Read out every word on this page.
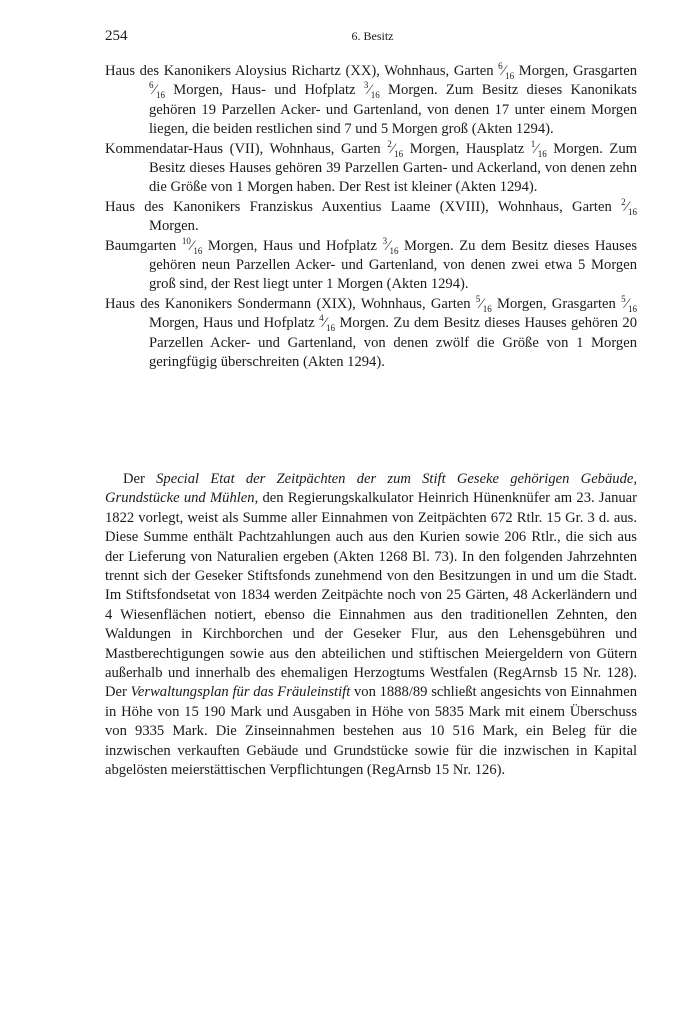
254	6. Besitz
Haus des Kanonikers Aloysius Richartz (XX), Wohnhaus, Garten $^6⁄_{16}$ Morgen, Grasgarten $^6⁄_{16}$ Morgen, Haus- und Hofplatz $^3⁄_{16}$ Morgen. Zum Besitz dieses Kanonikats gehören 19 Parzellen Acker- und Gartenland, von denen 17 unter einem Morgen liegen, die beiden restlichen sind 7 und 5 Morgen groß (Akten 1294).
Kommendatar-Haus (VII), Wohnhaus, Garten $^2⁄_{16}$ Morgen, Hausplatz $^1⁄_{16}$ Morgen. Zum Besitz dieses Hauses gehören 39 Parzellen Garten- und Ackerland, von denen zehn die Größe von 1 Morgen haben. Der Rest ist kleiner (Akten 1294).
Haus des Kanonikers Franziskus Auxentius Laame (XVIII), Wohnhaus, Garten $^2⁄_{16}$ Morgen.
Baumgarten $^{10}⁄_{16}$ Morgen, Haus und Hofplatz $^3⁄_{16}$ Morgen. Zu dem Besitz dieses Hauses gehören neun Parzellen Acker- und Gartenland, von denen zwei etwa 5 Morgen groß sind, der Rest liegt unter 1 Morgen (Akten 1294).
Haus des Kanonikers Sondermann (XIX), Wohnhaus, Garten $^5⁄_{16}$ Morgen, Grasgarten $^5⁄_{16}$ Morgen, Haus und Hofplatz $^4⁄_{16}$ Morgen. Zu dem Besitz dieses Hauses gehören 20 Parzellen Acker- und Gartenland, von denen zwölf die Größe von 1 Morgen geringfügig überschreiten (Akten 1294).
Der Special Etat der Zeitpächten der zum Stift Geseke gehörigen Gebäude, Grundstücke und Mühlen, den Regierungskalkulator Heinrich Hünenknüfer am 23. Januar 1822 vorlegt, weist als Summe aller Einnahmen von Zeitpächten 672 Rtlr. 15 Gr. 3 d. aus. Diese Summe enthält Pachtzahlungen auch aus den Kurien sowie 206 Rtlr., die sich aus der Lieferung von Naturalien ergeben (Akten 1268 Bl. 73). In den folgenden Jahrzehnten trennt sich der Geseker Stiftsfonds zunehmend von den Besitzungen in und um die Stadt. Im Stiftsfondsetat von 1834 werden Zeitpächte noch von 25 Gärten, 48 Ackerländern und 4 Wiesenflächen notiert, ebenso die Einnahmen aus den traditionellen Zehnten, den Waldungen in Kirchborchen und der Geseker Flur, aus den Lehensgebühren und Mastberechtigungen sowie aus den abteilichen und stiftischen Meiergeldern von Gütern außerhalb und innerhalb des ehemaligen Herzogtums Westfalen (RegArnsb 15 Nr. 128). Der Verwaltungsplan für das Fräuleinstift von 1888/89 schließt angesichts von Einnahmen in Höhe von 15 190 Mark und Ausgaben in Höhe von 5835 Mark mit einem Überschuss von 9335 Mark. Die Zinseinnahmen bestehen aus 10 516 Mark, ein Beleg für die inzwischen verkauften Gebäude und Grundstücke sowie für die inzwischen in Kapital abgelösten meierstättischen Verpflichtungen (RegArnsb 15 Nr. 126).
